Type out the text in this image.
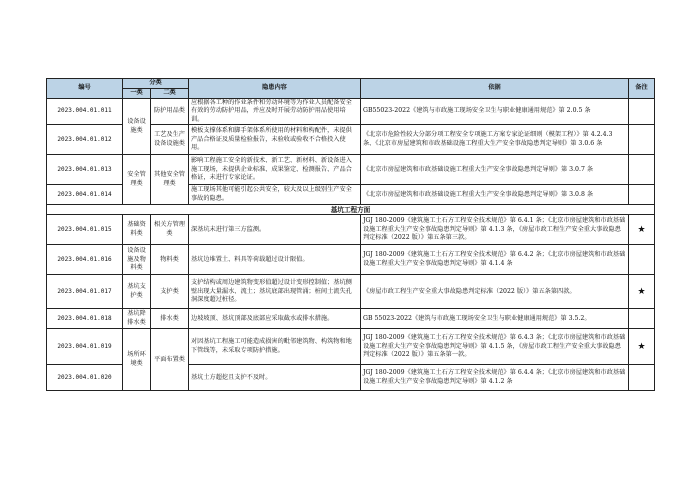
编号	分类		隐患内容	依据	备注
	一类	二类			
2023.004.01.011	设备设施类	防护用品类	应根据各工种的作业条件和劳动环境等为作业人员配备安全有效的劳动防护用品，并应及时开展劳动防护用品使用培训。	GB55023-2022《建筑与市政施工现场安全卫生与职业健康通用规范》第 2.0.5 条	
2023.004.01.012		工艺及生产设备设施类	模板支撑体系和脚手架体系所使用的材料和构配件，未提供产品合格证及质量检验报告，未验收或验收不合格投入使用。	《北京市危险性较大分部分项工程安全专项施工方案专家论证细则（模架工程）》第 4.2.4.3 条、《北京市房屋建筑和市政基础设施工程重大生产安全事故隐患判定导则》第 3.0.6 条	
2023.004.01.013	安全管理类	其他安全管理类	影响工程施工安全的新技术、新工艺、新材料、新设备进入施工现场，未提供企业标准、成果鉴定、检测报告、产品合格证，未进行专家论证。	《北京市房屋建筑和市政基础设施工程重大生产安全事故隐患判定导则》第 3.0.7 条	
2023.004.01.014			施工现场其他可能引起公共安全，较大及以上级别生产安全事故的隐患。	《北京市房屋建筑和市政基础设施工程重大生产安全事故隐患判定导则》第 3.0.8 条	
基坑工程方面					
2023.004.01.015	基础资料类	相关方管理类	深基坑未进行第三方监测。	JGJ 180-2009《建筑施工土石方工程安全技术规范》第 6.4.1 条；《北京市房屋建筑和市政基础设施工程重大生产安全事故隐患判定导则》第 4.1.3 条，《房屋市政工程生产安全重大事故隐患判定标准（2022 版）》第五条第三款。	★
2023.004.01.016	设备设施及物料类	物料类	基坑边堆置土、料具等荷载超过设计限值。	JGJ 180-2009《建筑施工土石方工程安全技术规范》第 6.4.2 条；《北京市房屋建筑和市政基础设施工程重大生产安全事故隐患判定导则》第 4.1.4 条	
2023.004.01.017	基坑支护类	支护类	支护结构或周边建筑物变形值超过设计变形控制值；基坑侧壁出现大量漏水、流土；基坑底部出现管涌；桩间土流失孔洞深度超过桩径。	《房屋市政工程生产安全重大事故隐患判定标准（2022 版）》第五条第四款。	★
2023.004.01.018	基坑降排水类	排水类	边坡坡顶、基坑顶部及底部应采取截水或排水措施。	GB 55023-2022《建筑与市政施工现场安全卫生与职业健康通用规范》第 3.5.2。	
2023.004.01.019	场所环境类	平面布置类	对因基坑工程施工可能造成损害的毗邻建筑物、构筑物和地下管线等，未采取专项防护措施。	JGJ 180-2009《建筑施工土石方工程安全技术规范》第 6.4.3 条；《北京市房屋建筑和市政基础设施工程重大生产安全事故隐患判定导则》第 4.1.5 条，《房屋市政工程生产安全重大事故隐患判定标准（2022 版）》第五条第一款。	★
2023.004.01.020			基坑土方超挖且支护不及时。	JGJ 180-2009《建筑施工土石方工程安全技术规范》第 6.4.4 条；《北京市房屋建筑和市政基础设施工程重大生产安全事故隐患判定导则》第 4.1.2 条	
